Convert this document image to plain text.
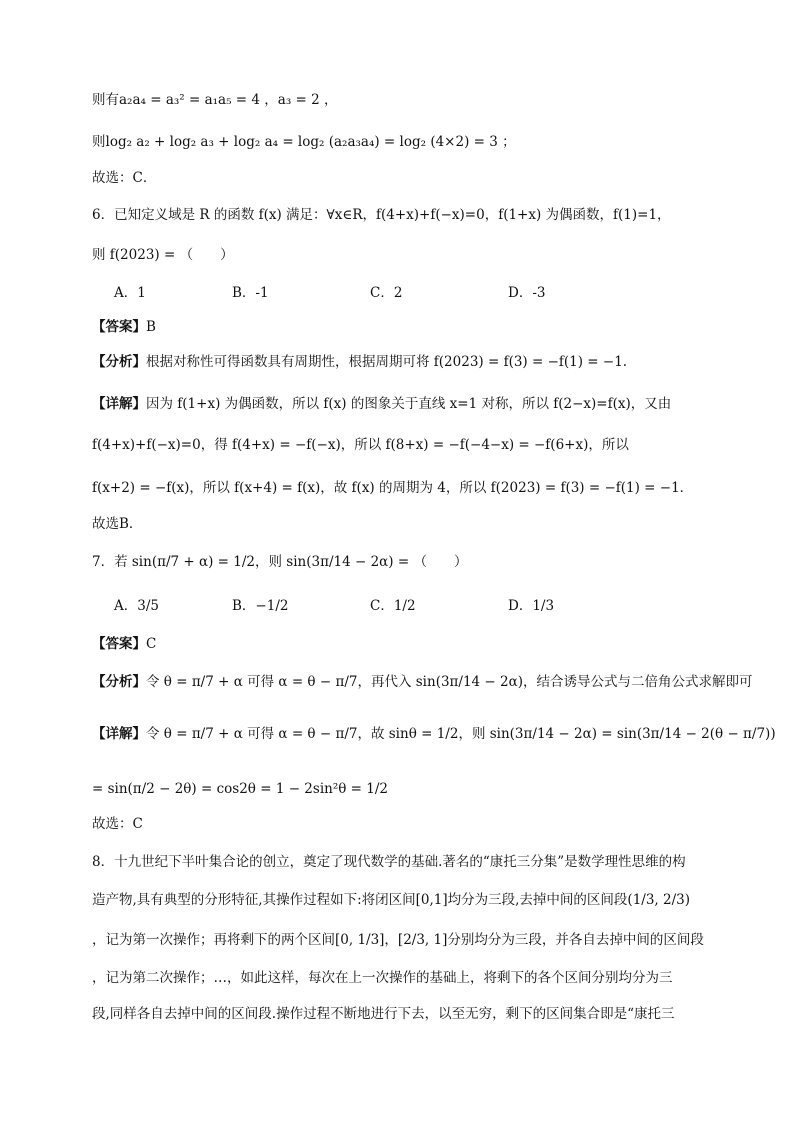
则有a₂a₄ = a₃² = a₁a₅ = 4 ，a₃ = 2 ，
则log₂ a₂ + log₂ a₃ + log₂ a₄ = log₂ (a₂a₃a₄) = log₂ (4×2) = 3 ；
故选：C．
6．已知定义域是 R 的函数 f(x) 满足：∀x∈R，f(4+x)+f(−x)=0，f(1+x) 为偶函数，f(1)=1，
则 f(2023) = （　　）
A．1	B．-1	C．2	D．-3
【答案】B
【分析】根据对称性可得函数具有周期性，根据周期可将 f(2023) = f(3) = −f(1) = −1.
【详解】因为 f(1+x) 为偶函数，所以 f(x) 的图象关于直线 x=1 对称，所以 f(2−x)=f(x)，又由
f(4+x)+f(−x)=0，得 f(4+x) = −f(−x)，所以 f(8+x) = −f(−4−x) = −f(6+x)，所以
f(x+2) = −f(x)，所以 f(x+4) = f(x)，故 f(x) 的周期为 4，所以 f(2023) = f(3) = −f(1) = −1．
故选B．
7．若 sin(π/7 + α) = 1/2，则 sin(3π/14 − 2α) = （　　）
A．3/5	B．−1/2	C．1/2	D．1/3
【答案】C
【分析】令 θ = π/7 + α 可得 α = θ − π/7，再代入 sin(3π/14 − 2α)，结合诱导公式与二倍角公式求解即可
【详解】令 θ = π/7 + α 可得 α = θ − π/7，故 sinθ = 1/2，则 sin(3π/14 − 2α) = sin(3π/14 − 2(θ − π/7))
= sin(π/2 − 2θ) = cos2θ = 1 − 2sin²θ = 1/2
故选：C
8．十九世纪下半叶集合论的创立，奠定了现代数学的基础.著名的“康托三分集”是数学理性思维的构
造产物,具有典型的分形特征,其操作过程如下:将闭区间[0,1]均分为三段,去掉中间的区间段(1/3, 2/3)
，记为第一次操作；再将剩下的两个区间[0, 1/3]，[2/3, 1]分别均分为三段，并各自去掉中间的区间段
，记为第二次操作；…，如此这样，每次在上一次操作的基础上，将剩下的各个区间分别均分为三
段,同样各自去掉中间的区间段.操作过程不断地进行下去，以至无穷，剩下的区间集合即是“康托三
